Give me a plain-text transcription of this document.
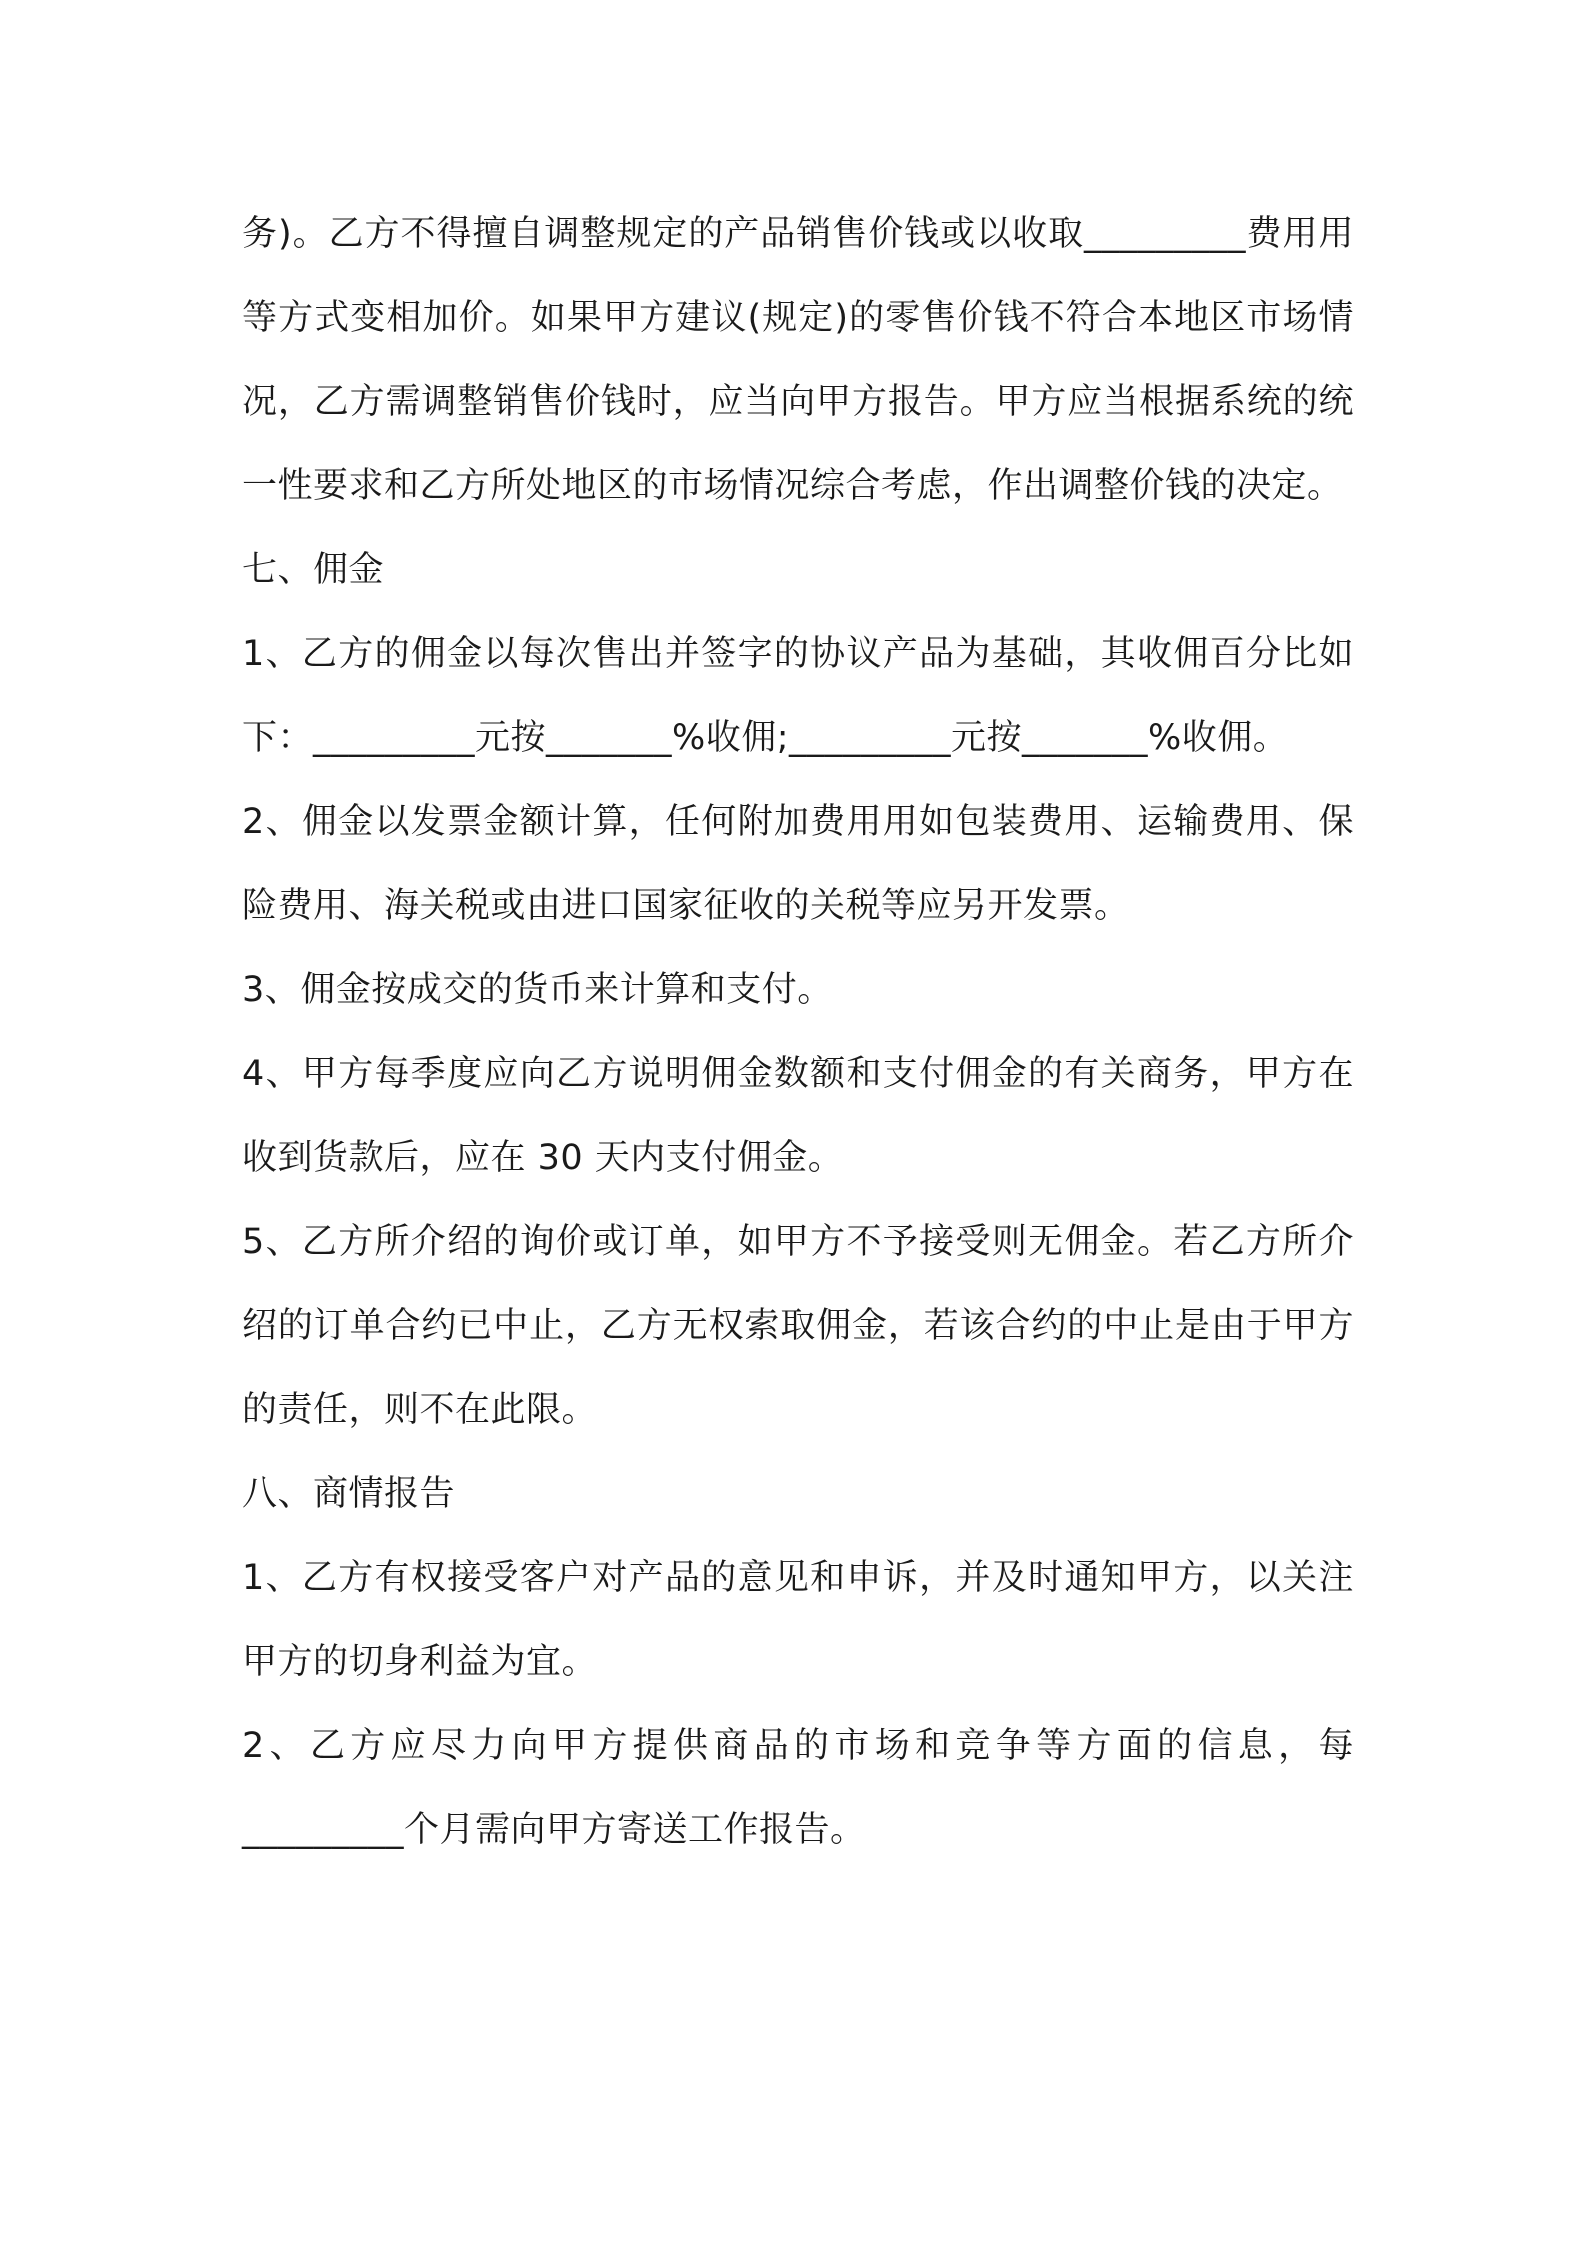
务)。乙方不得擅自调整规定的产品销售价钱或以收取_________费用用等方式变相加价。如果甲方建议(规定)的零售价钱不符合本地区市场情况，乙方需调整销售价钱时，应当向甲方报告。甲方应当根据系统的统一性要求和乙方所处地区的市场情况综合考虑，作出调整价钱的决定。

七、佣金

1、乙方的佣金以每次售出并签字的协议产品为基础，其收佣百分比如下：_________元按_______%收佣;_________元按_______%收佣。

2、佣金以发票金额计算，任何附加费用用如包装费用、运输费用、保险费用、海关税或由进口国家征收的关税等应另开发票。

3、佣金按成交的货币来计算和支付。

4、甲方每季度应向乙方说明佣金数额和支付佣金的有关商务，甲方在收到货款后，应在 30 天内支付佣金。

5、乙方所介绍的询价或订单，如甲方不予接受则无佣金。若乙方所介绍的订单合约已中止，乙方无权索取佣金，若该合约的中止是由于甲方的责任，则不在此限。

八、商情报告

1、乙方有权接受客户对产品的意见和申诉，并及时通知甲方，以关注甲方的切身利益为宜。

2、乙方应尽力向甲方提供商品的市场和竞争等方面的信息，每_________个月需向甲方寄送工作报告。
